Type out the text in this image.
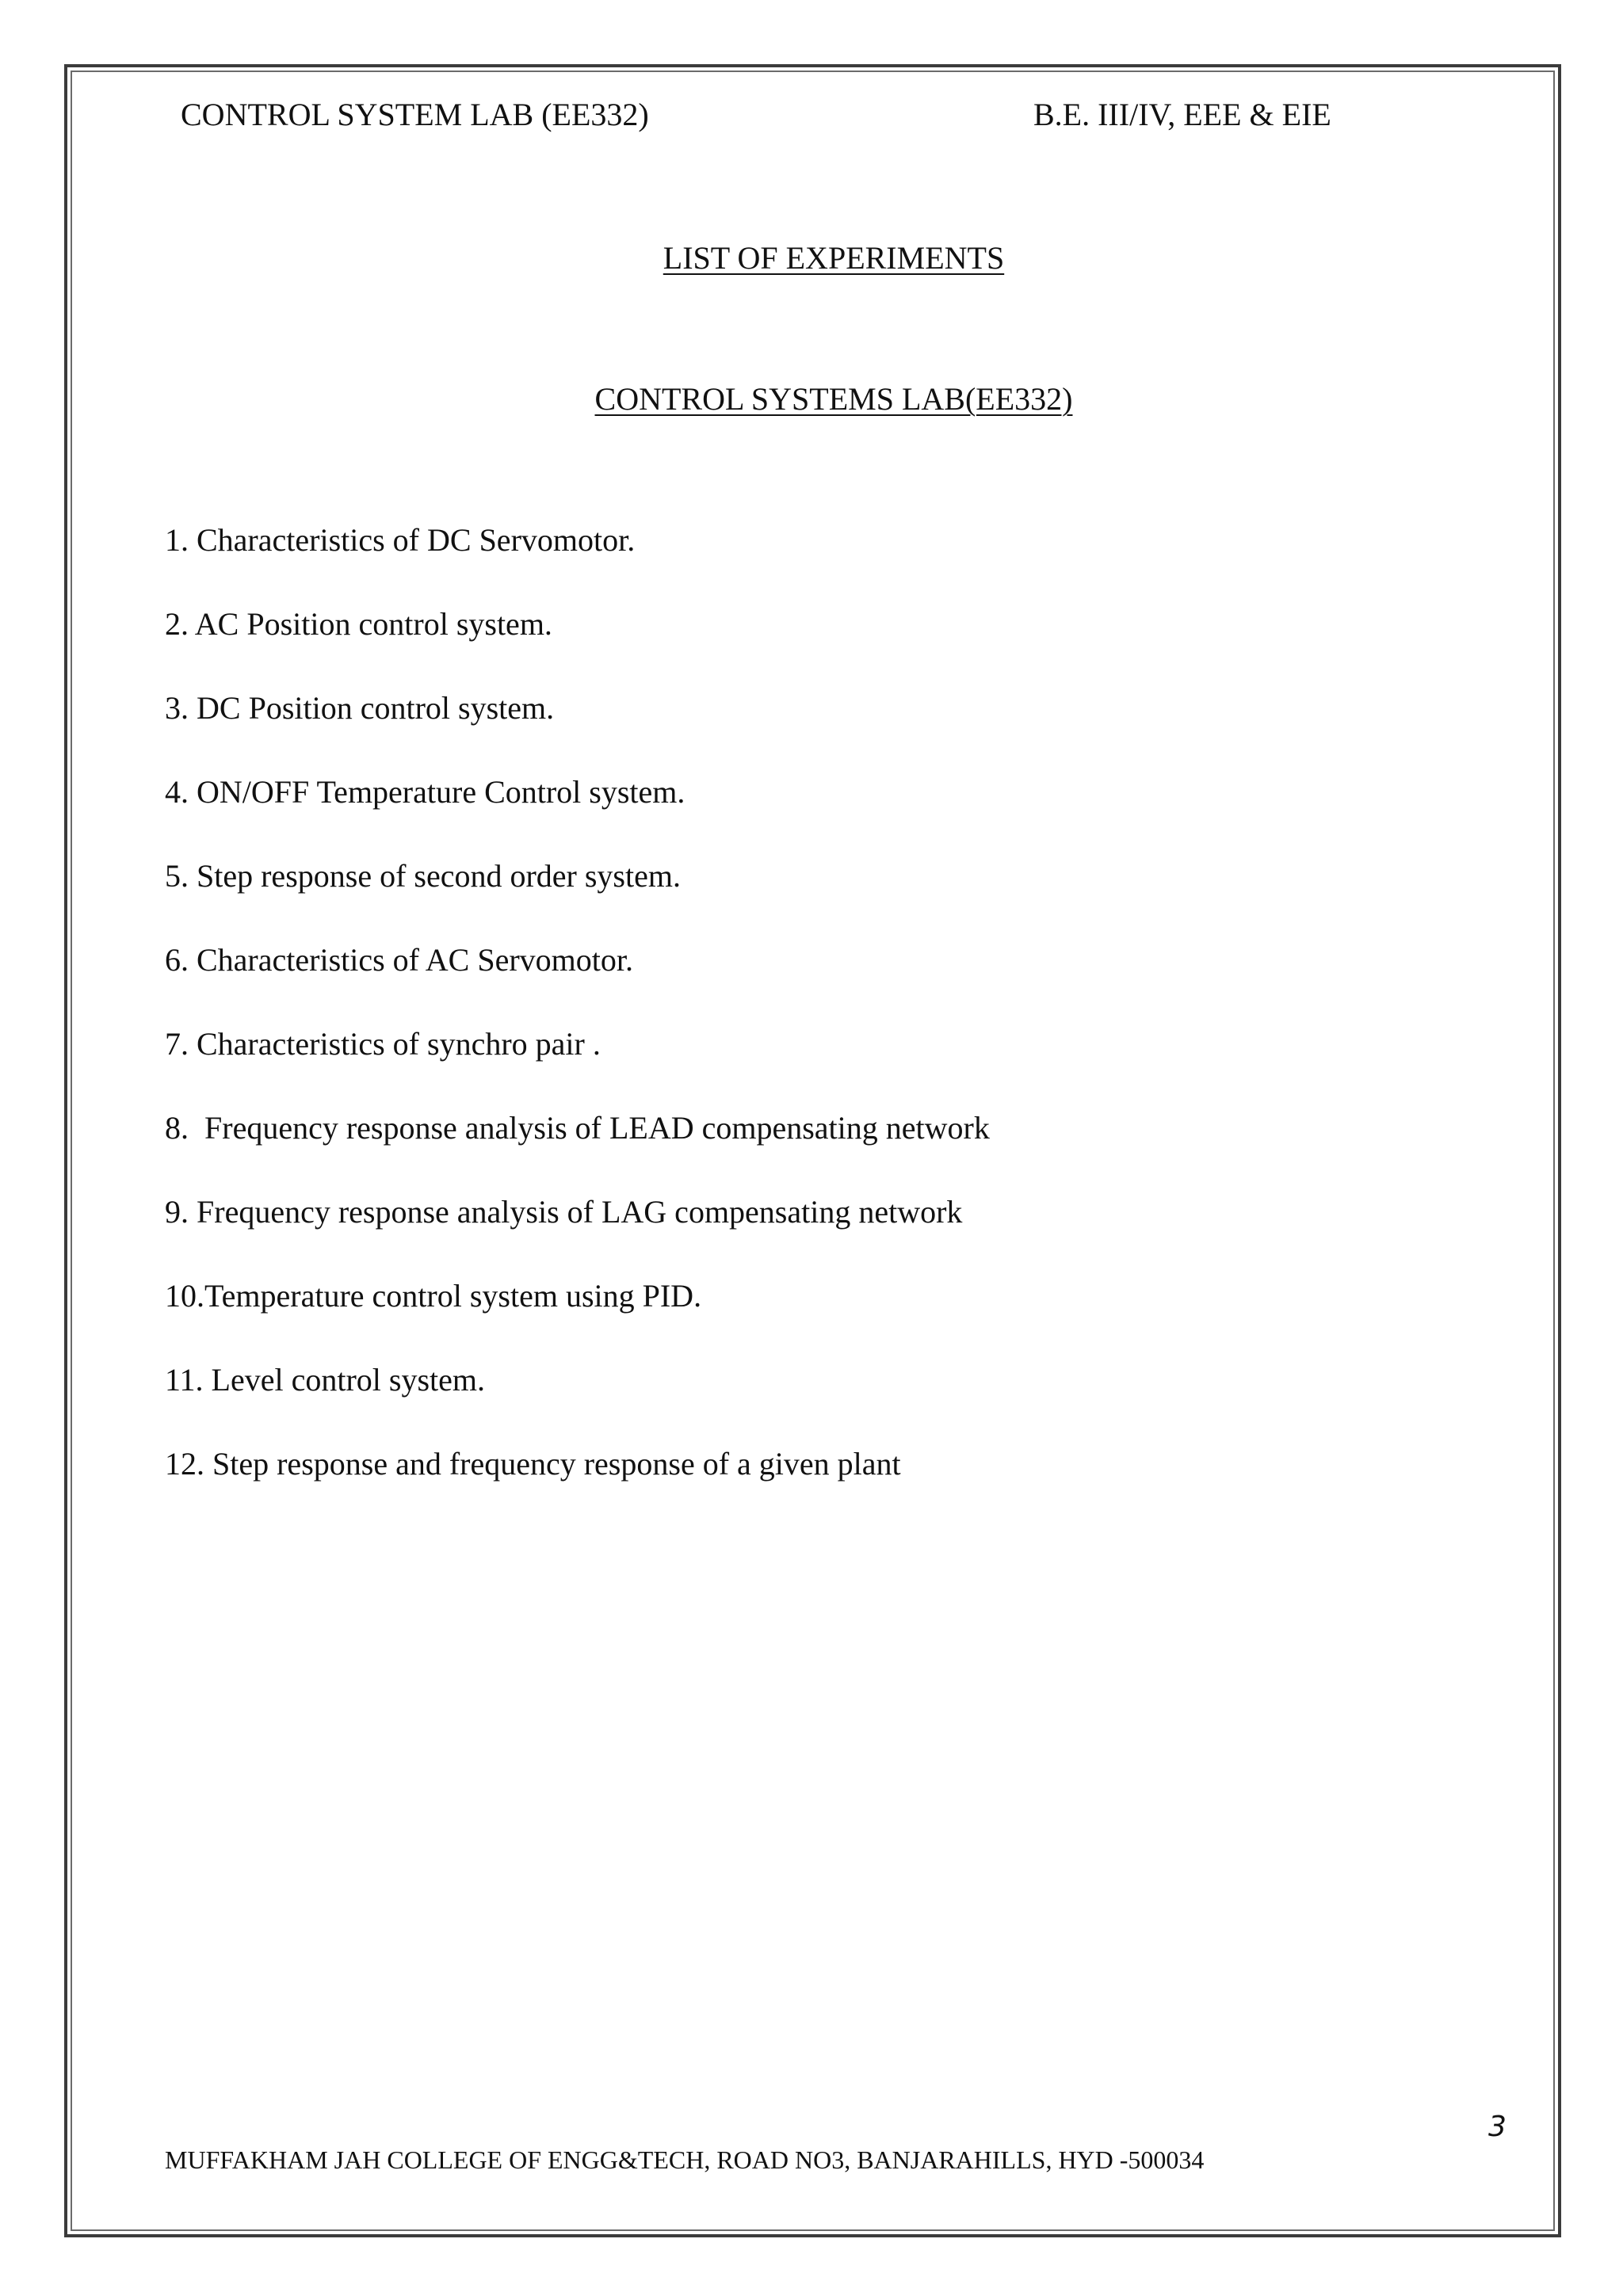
CONTROL SYSTEM LAB (EE332)	B.E. III/IV, EEE & EIE
LIST OF EXPERIMENTS
CONTROL SYSTEMS LAB(EE332)
1. Characteristics of DC Servomotor.
2. AC Position control system.
3. DC Position control system.
4. ON/OFF Temperature Control system.
5. Step response of second order system.
6. Characteristics of AC Servomotor.
7. Characteristics of synchro pair .
8.  Frequency response analysis of LEAD compensating network
9. Frequency response analysis of LAG compensating network
10.Temperature control system using PID.
11. Level control system.
12. Step response and frequency response of a given plant
3
MUFFAKHAM JAH COLLEGE OF ENGG&TECH, ROAD NO3, BANJARAHILLS, HYD -500034
